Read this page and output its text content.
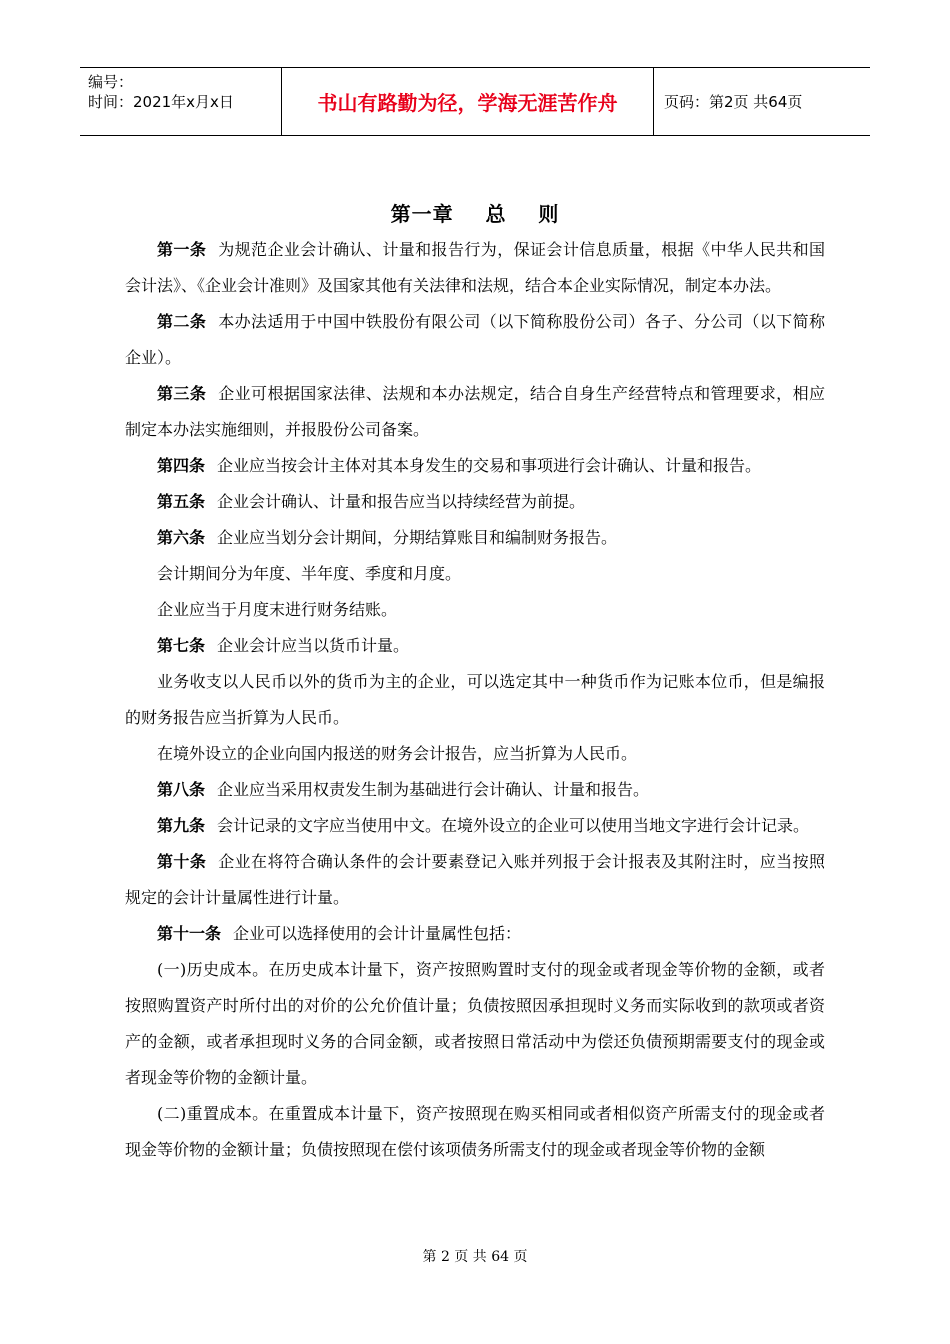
编号：
时间：2021年x月x日	书山有路勤为径，学海无涯苦作舟	页码：第2页 共64页
第一章    总    则

第一条 为规范企业会计确认、计量和报告行为，保证会计信息质量，根据《中华人民共和国会计法》、《企业会计准则》及国家其他有关法律和法规，结合本企业实际情况，制定本办法。

第二条 本办法适用于中国中铁股份有限公司（以下简称股份公司）各子、分公司（以下简称企业）。

第三条 企业可根据国家法律、法规和本办法规定，结合自身生产经营特点和管理要求，相应制定本办法实施细则，并报股份公司备案。

第四条 企业应当按会计主体对其本身发生的交易和事项进行会计确认、计量和报告。

第五条 企业会计确认、计量和报告应当以持续经营为前提。

第六条 企业应当划分会计期间，分期结算账目和编制财务报告。

会计期间分为年度、半年度、季度和月度。

企业应当于月度末进行财务结账。

第七条 企业会计应当以货币计量。

业务收支以人民币以外的货币为主的企业，可以选定其中一种货币作为记账本位币，但是编报的财务报告应当折算为人民币。

在境外设立的企业向国内报送的财务会计报告，应当折算为人民币。

第八条 企业应当采用权责发生制为基础进行会计确认、计量和报告。

第九条 会计记录的文字应当使用中文。在境外设立的企业可以使用当地文字进行会计记录。

第十条 企业在将符合确认条件的会计要素登记入账并列报于会计报表及其附注时，应当按照规定的会计计量属性进行计量。

第十一条 企业可以选择使用的会计计量属性包括：

(一)历史成本。在历史成本计量下，资产按照购置时支付的现金或者现金等价物的金额，或者按照购置资产时所付出的对价的公允价值计量；负债按照因承担现时义务而实际收到的款项或者资产的金额，或者承担现时义务的合同金额，或者按照日常活动中为偿还负债预期需要支付的现金或者现金等价物的金额计量。

(二)重置成本。在重置成本计量下，资产按照现在购买相同或者相似资产所需支付的现金或者现金等价物的金额计量；负债按照现在偿付该项债务所需支付的现金或者现金等价物的金额

第 2 页 共 64 页
